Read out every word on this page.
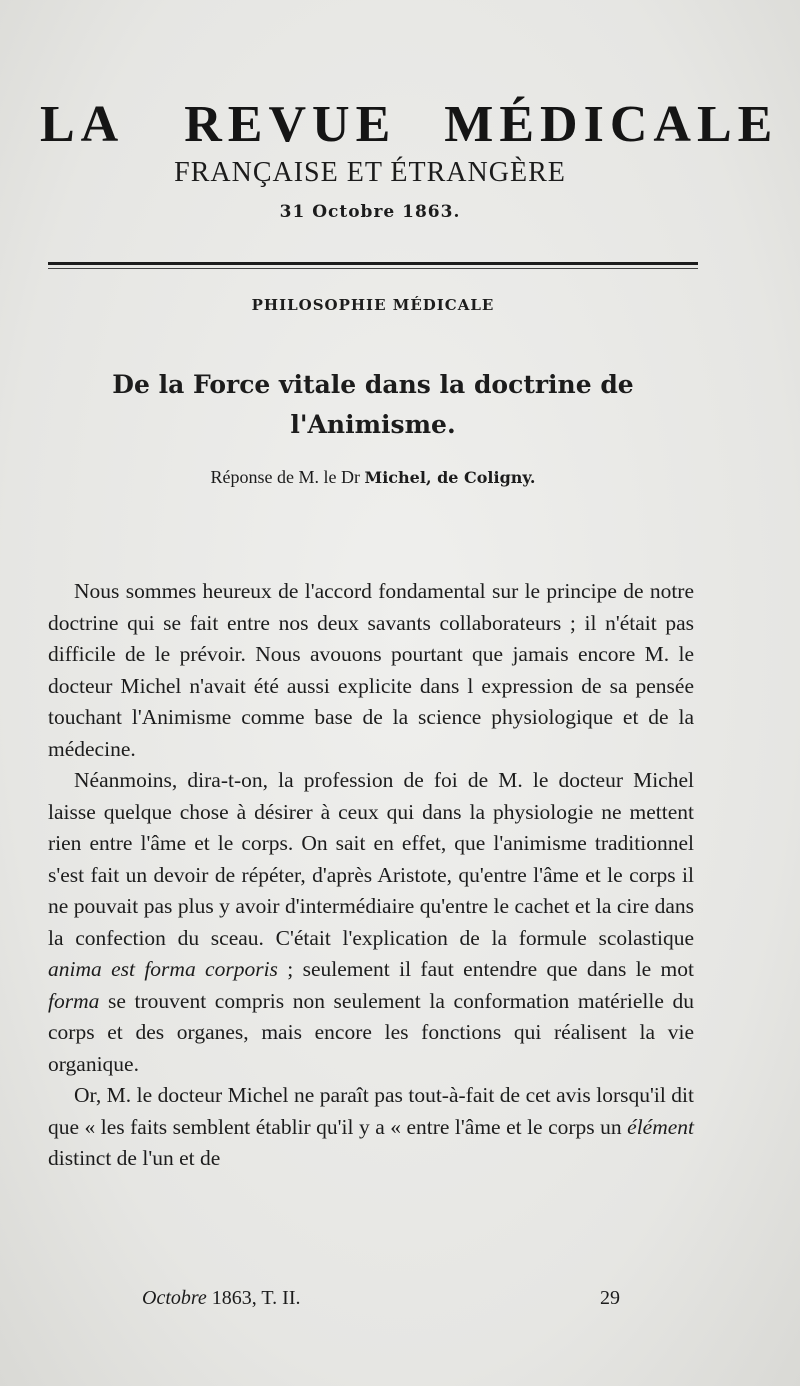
LA REVUE MÉDICALE
FRANÇAISE ET ÉTRANGÈRE
31 Octobre 1863.
PHILOSOPHIE MÉDICALE
De la Force vitale dans la doctrine de
l'Animisme.
Réponse de M. le Dr Michel, de Coligny.

Nous sommes heureux de l'accord fondamental sur le principe de notre doctrine qui se fait entre nos deux savants collaborateurs ; il n'était pas difficile de le prévoir. Nous avouons pourtant que jamais encore M. le docteur Michel n'avait été aussi explicite dans l expression de sa pensée touchant l'Animisme comme base de la science physiologique et de la médecine.

Néanmoins, dira-t-on, la profession de foi de M. le docteur Michel laisse quelque chose à désirer à ceux qui dans la physiologie ne mettent rien entre l'âme et le corps. On sait en effet, que l'animisme traditionnel s'est fait un devoir de répéter, d'après Aristote, qu'entre l'âme et le corps il ne pouvait pas plus y avoir d'intermédiaire qu'entre le cachet et la cire dans la confection du sceau. C'était l'explication de la formule scolastique anima est forma corporis ; seulement il faut entendre que dans le mot forma se trouvent compris non seulement la conformation matérielle du corps et des organes, mais encore les fonctions qui réalisent la vie organique.

Or, M. le docteur Michel ne paraît pas tout-à-fait de cet avis lorsqu'il dit que « les faits semblent établir qu'il y a « entre l'âme et le corps un élément distinct de l'un et de

Octobre 1863, T. II.	29
